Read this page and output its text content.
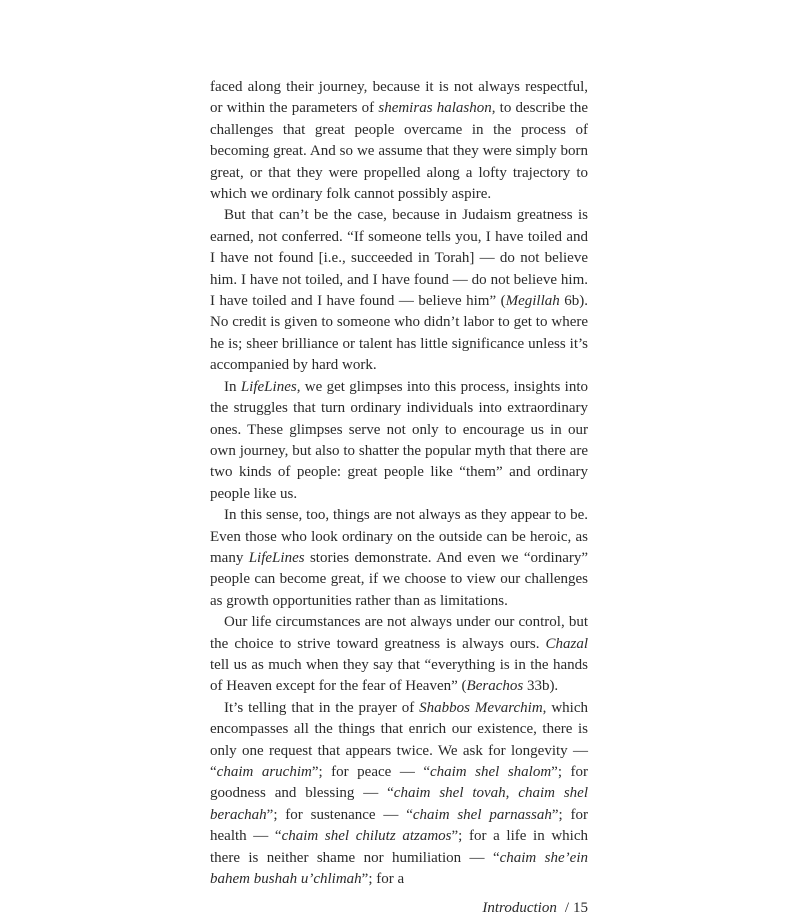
faced along their journey, because it is not always respectful, or within the parameters of shemiras halashon, to describe the challenges that great people overcame in the process of becoming great. And so we assume that they were simply born great, or that they were propelled along a lofty trajectory to which we ordinary folk cannot possibly aspire.

But that can’t be the case, because in Judaism greatness is earned, not conferred. “If someone tells you, I have toiled and I have not found [i.e., succeeded in Torah] — do not believe him. I have not toiled, and I have found — do not believe him. I have toiled and I have found — believe him” (Megillah 6b). No credit is given to someone who didn’t labor to get to where he is; sheer brilliance or talent has little significance unless it’s accompanied by hard work.

In LifeLines, we get glimpses into this process, insights into the struggles that turn ordinary individuals into extraordinary ones. These glimpses serve not only to encourage us in our own journey, but also to shatter the popular myth that there are two kinds of people: great people like “them” and ordinary people like us.

In this sense, too, things are not always as they appear to be. Even those who look ordinary on the outside can be heroic, as many LifeLines stories demonstrate. And even we “ordinary” people can become great, if we choose to view our challenges as growth opportunities rather than as limitations.

Our life circumstances are not always under our control, but the choice to strive toward greatness is always ours. Chazal tell us as much when they say that “everything is in the hands of Heaven except for the fear of Heaven” (Berachos 33b).

It’s telling that in the prayer of Shabbos Mevarchim, which encompasses all the things that enrich our existence, there is only one request that appears twice. We ask for longevity — “chaim aruchim”; for peace — “chaim shel shalom”; for goodness and blessing — “chaim shel tovah, chaim shel berachah”; for sustenance — “chaim shel parnassah”; for health — “chaim shel chilutz atzamos”; for a life in which there is neither shame nor humiliation — “chaim she’ein bahem bushah u’chlimah”; for a

Introduction / 15
